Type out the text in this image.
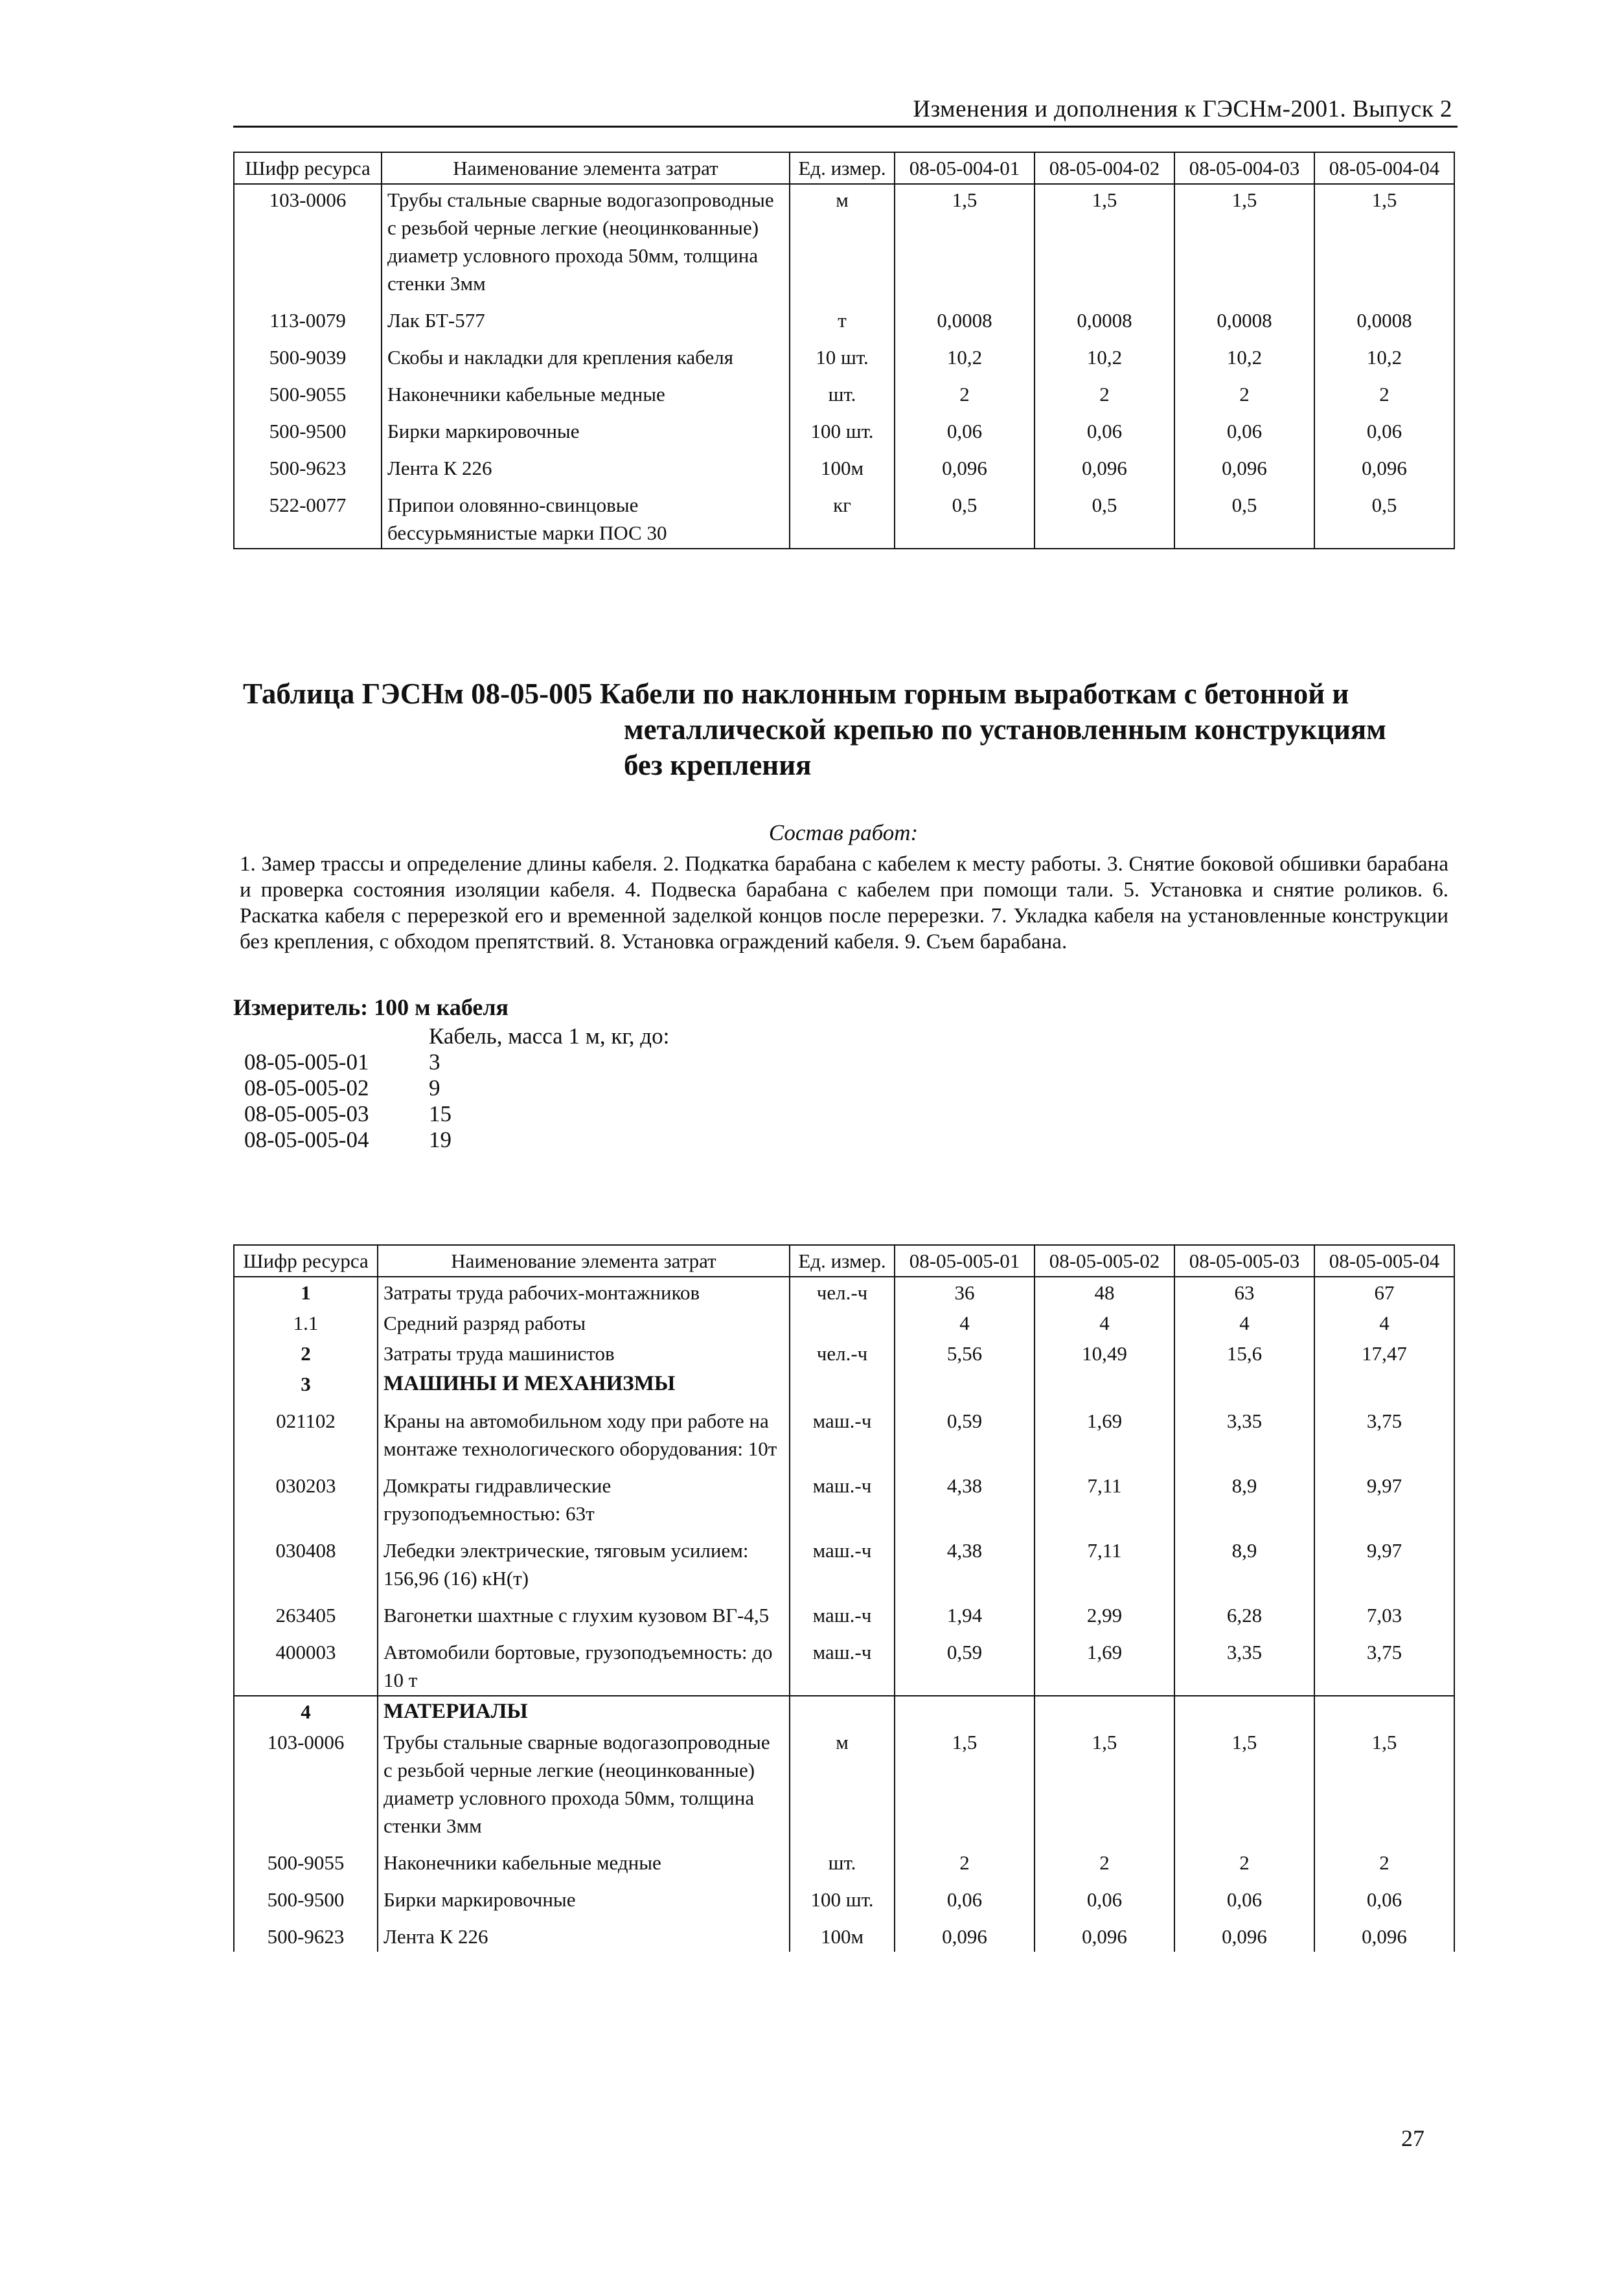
Изменения и дополнения к ГЭСНм-2001. Выпуск 2
Шифр ресурса	Наименование элемента затрат	Ед. измер.	08-05-004-01	08-05-004-02	08-05-004-03	08-05-004-04
103-0006	Трубы стальные сварные водогазопроводные с резьбой черные легкие (неоцинкованные) диаметр условного прохода 50мм, толщина стенки 3мм	м	1,5	1,5	1,5	1,5
113-0079	Лак БТ-577	т	0,0008	0,0008	0,0008	0,0008
500-9039	Скобы и накладки для крепления кабеля	10 шт.	10,2	10,2	10,2	10,2
500-9055	Наконечники кабельные медные	шт.	2	2	2	2
500-9500	Бирки маркировочные	100 шт.	0,06	0,06	0,06	0,06
500-9623	Лента К 226	100м	0,096	0,096	0,096	0,096
522-0077	Припои оловянно-свинцовые бессурьмянистые марки ПОС 30	кг	0,5	0,5	0,5	0,5
Таблица ГЭСНм 08-05-005 Кабели по наклонным горным выработкам с бетонной и
металлической крепью по установленным конструкциям
без крепления
Состав работ:
1. Замер трассы и определение длины кабеля. 2. Подкатка барабана с кабелем к месту работы. 3. Снятие боковой обшивки барабана и проверка состояния изоляции кабеля. 4. Подвеска барабана с кабелем при помощи тали. 5. Установка и снятие роликов. 6. Раскатка кабеля с перерезкой его и временной заделкой концов после перерезки. 7. Укладка кабеля на установленные конструкции без крепления, с обходом препятствий. 8. Установка ограждений кабеля. 9. Съем барабана.
Измеритель: 100 м кабеля
Кабель, масса 1 м, кг, до:
08-05-005-01	3
08-05-005-02	9
08-05-005-03	15
08-05-005-04	19
Шифр ресурса	Наименование элемента затрат	Ед. измер.	08-05-005-01	08-05-005-02	08-05-005-03	08-05-005-04
1	Затраты труда рабочих-монтажников	чел.-ч	36	48	63	67
1.1	Средний разряд работы		4	4	4	4
2	Затраты труда машинистов	чел.-ч	5,56	10,49	15,6	17,47
3	МАШИНЫ И МЕХАНИЗМЫ					
021102	Краны на автомобильном ходу при работе на монтаже технологического оборудования: 10т	маш.-ч	0,59	1,69	3,35	3,75
030203	Домкраты гидравлические грузоподъемностью: 63т	маш.-ч	4,38	7,11	8,9	9,97
030408	Лебедки электрические, тяговым усилием: 156,96 (16) кН(т)	маш.-ч	4,38	7,11	8,9	9,97
263405	Вагонетки шахтные с глухим кузовом ВГ-4,5	маш.-ч	1,94	2,99	6,28	7,03
400003	Автомобили бортовые, грузоподъемность: до 10 т	маш.-ч	0,59	1,69	3,35	3,75
4	МАТЕРИАЛЫ					
103-0006	Трубы стальные сварные водогазопроводные с резьбой черные легкие (неоцинкованные) диаметр условного прохода 50мм, толщина стенки 3мм	м	1,5	1,5	1,5	1,5
500-9055	Наконечники кабельные медные	шт.	2	2	2	2
500-9500	Бирки маркировочные	100 шт.	0,06	0,06	0,06	0,06
500-9623	Лента К 226	100м	0,096	0,096	0,096	0,096
27
